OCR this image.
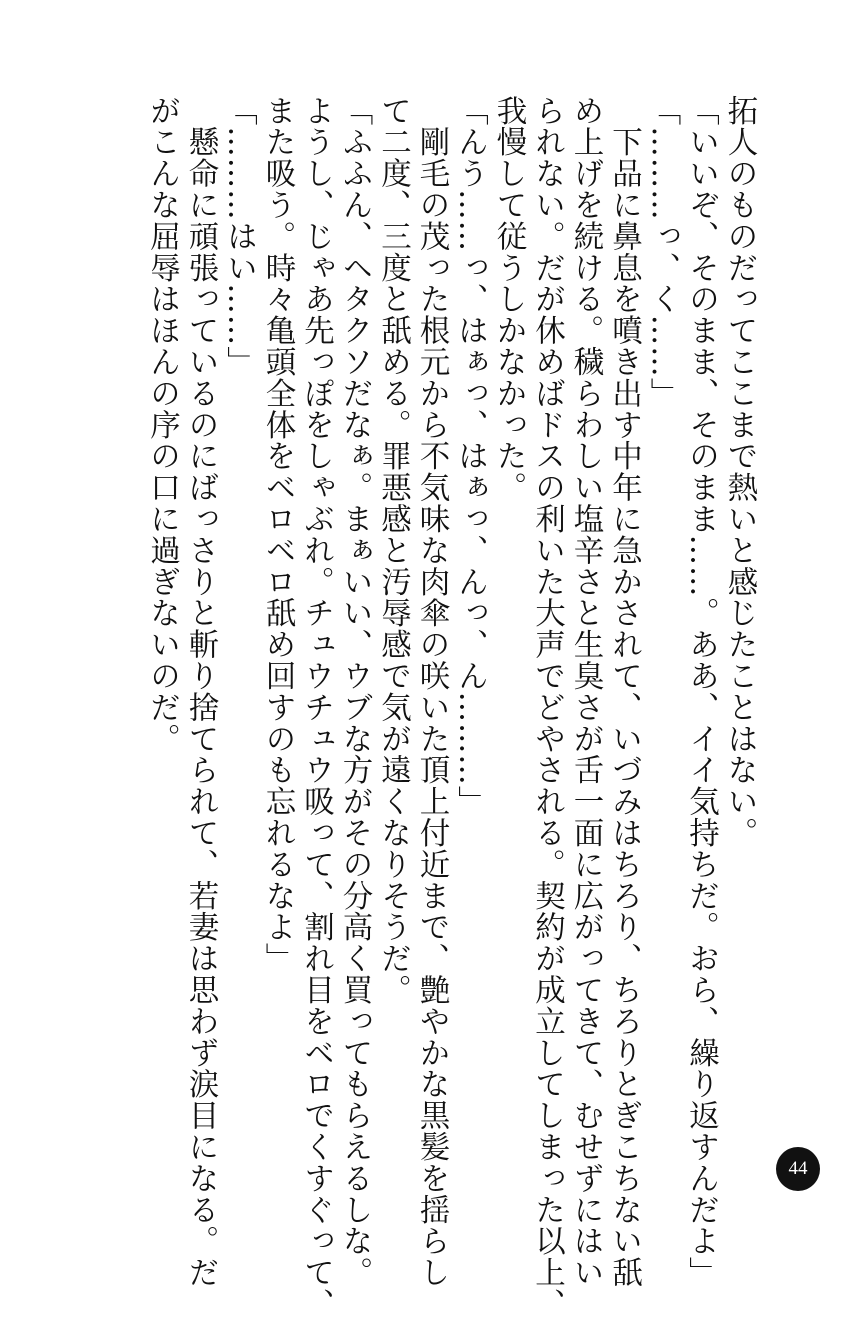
拓人のものだってここまで熱いと感じたことはない。
「いいぞ、そのまま、そのまま……。ああ、イイ気持ちだ。おら、繰り返すんだよ」
「………っ、く……」
　下品に鼻息を噴き出す中年に急かされて、いづみはちろり、ちろりとぎこちない舐
め上げを続ける。穢らわしい塩辛さと生臭さが舌一面に広がってきて、むせずにはい
られない。だが休めばドスの利いた大声でどやされる。契約が成立してしまった以上、
我慢して従うしかなかった。
「んう……っ、はぁっ、はぁっ、んっ、ん………」
　剛毛の茂った根元から不気味な肉傘の咲いた頂上付近まで、艶やかな黒髪を揺らし
て二度、三度と舐める。罪悪感と汚辱感で気が遠くなりそうだ。
「ふふん、ヘタクソだなぁ。まぁいい、ウブな方がその分高く買ってもらえるしな。
ようし、じゃあ先っぽをしゃぶれ。チュウチュウ吸って、割れ目をベロでくすぐって、
また吸う。時々亀頭全体をベロベロ舐め回すのも忘れるなよ」
「………はい……」
　懸命に頑張っているのにばっさりと斬り捨てられて、若妻は思わず涙目になる。だ
がこんな屈辱はほんの序の口に過ぎないのだ。
44
